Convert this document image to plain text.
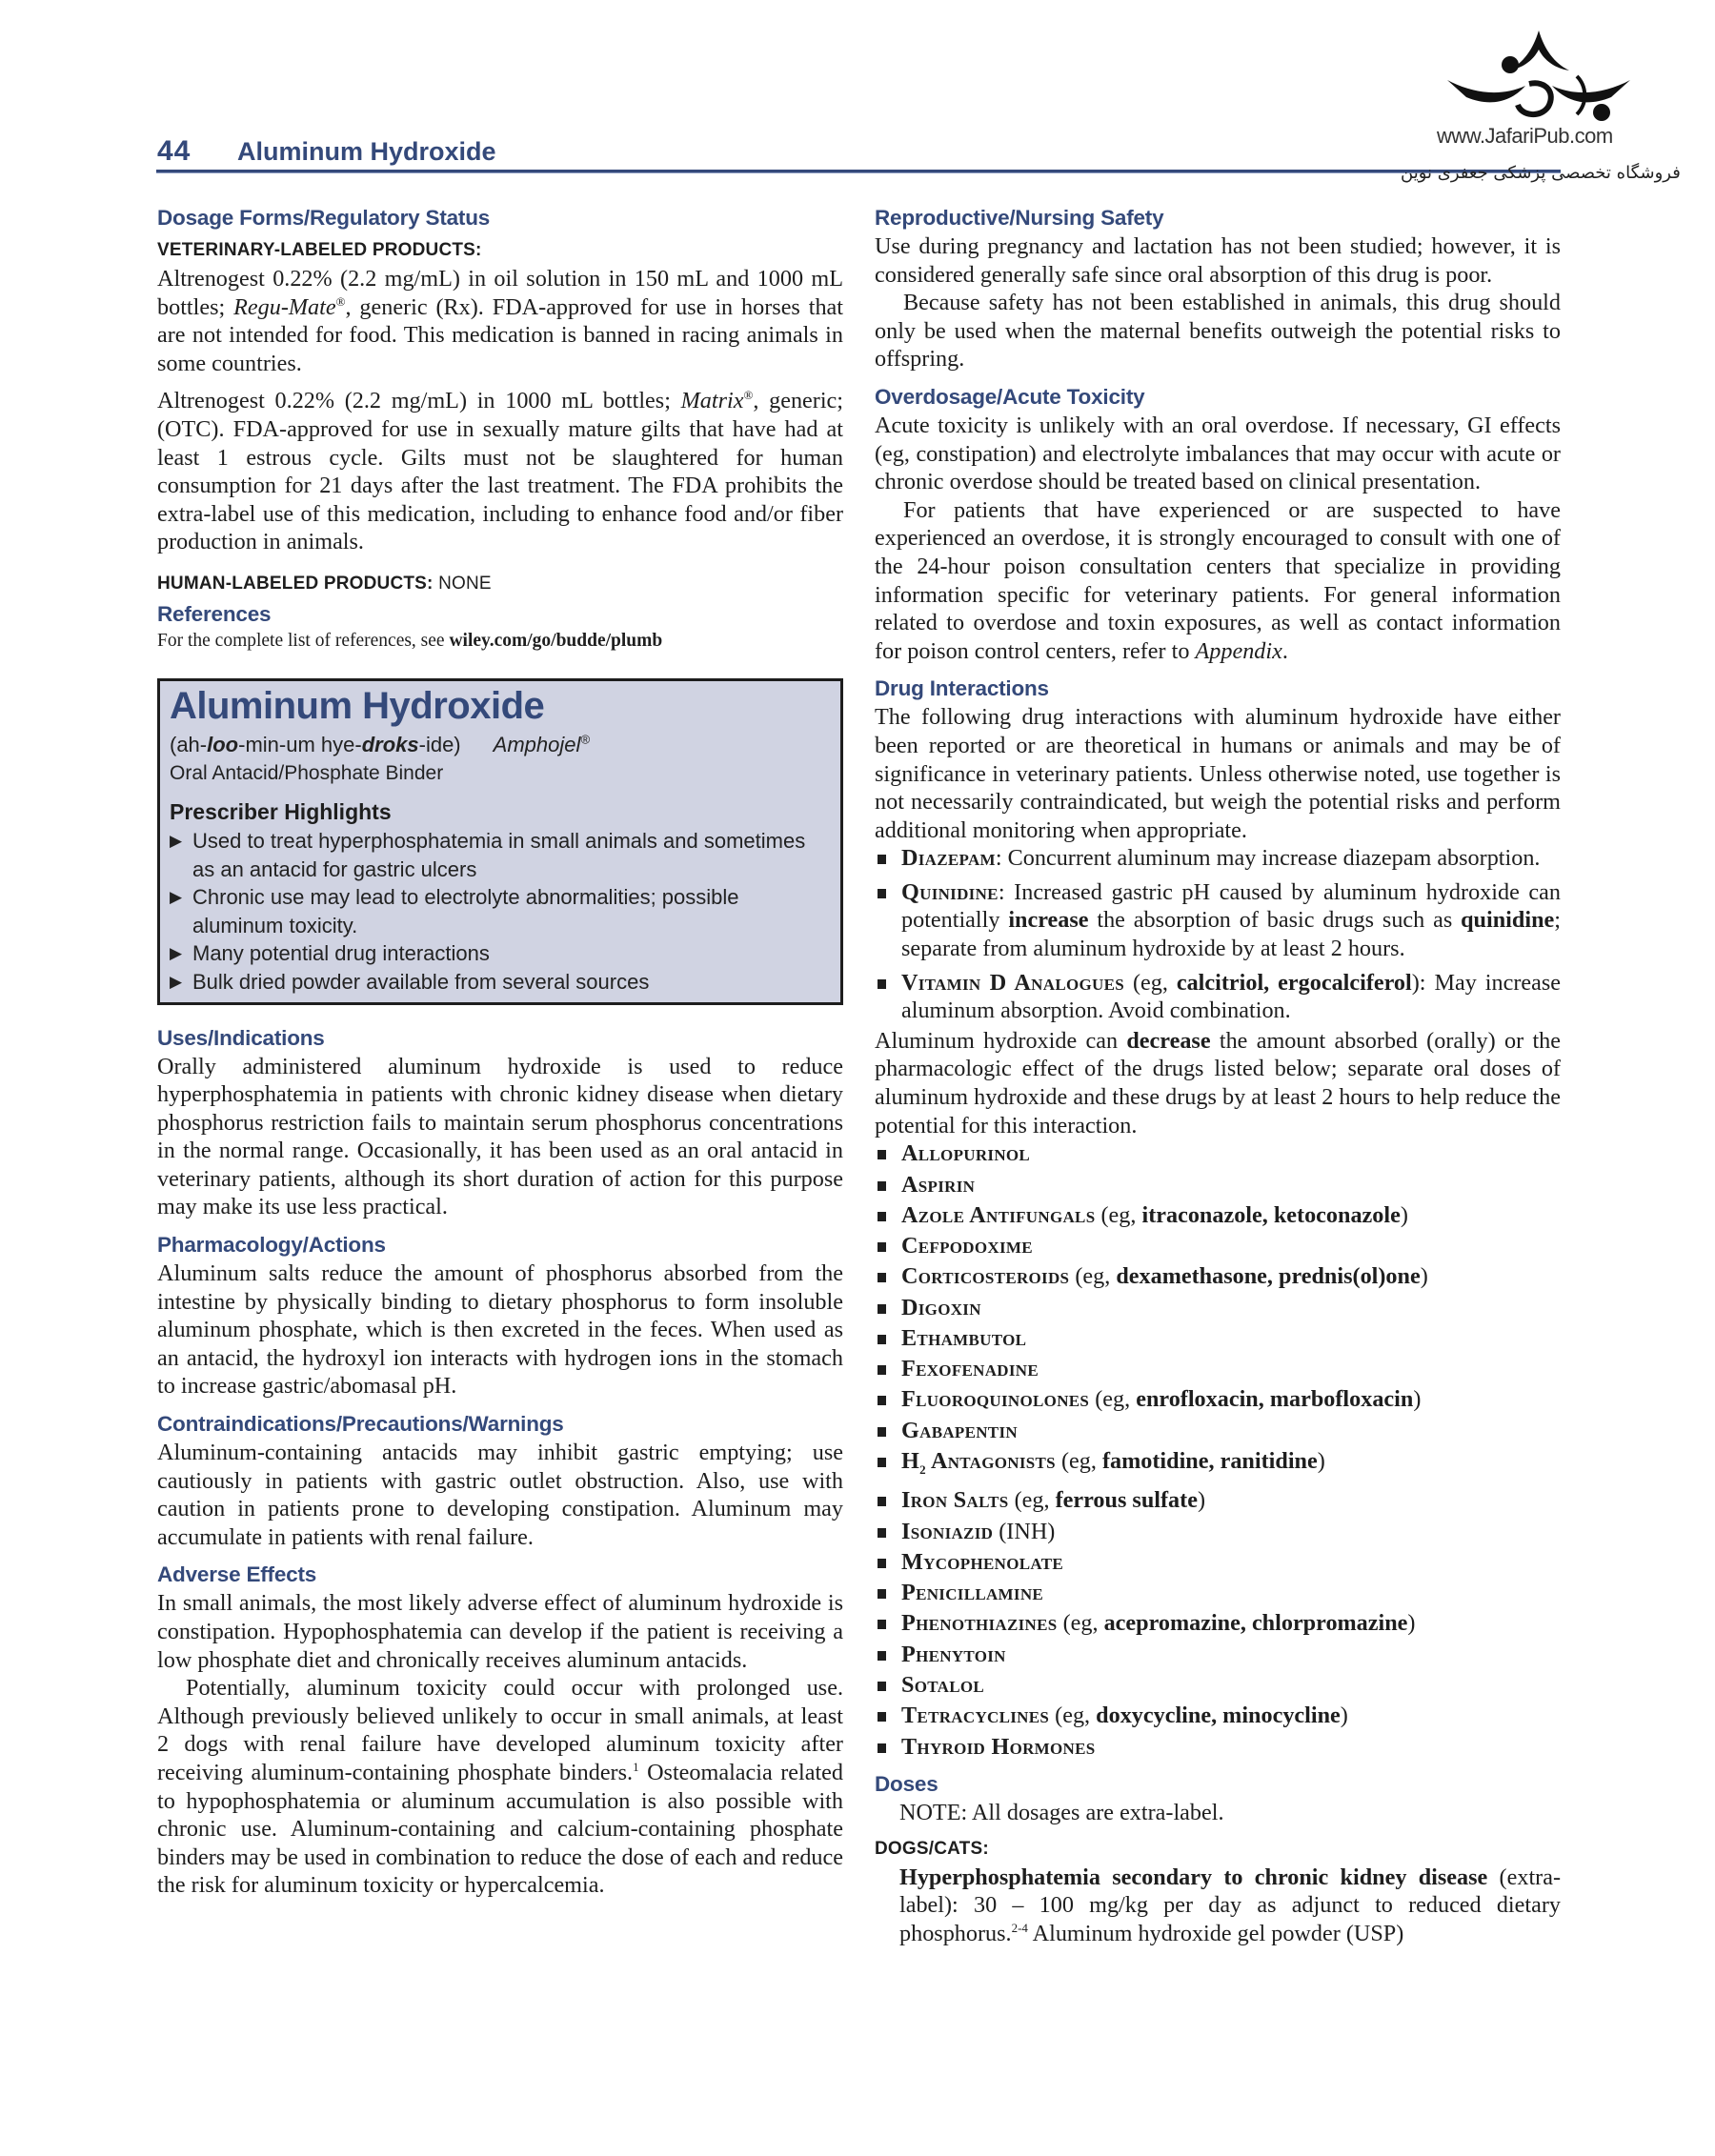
44 Aluminum Hydroxide
www.JafariPub.com
فروشگاه تخصصی پزشکی جعفری نوین
Dosage Forms/Regulatory Status
VETERINARY-LABELED PRODUCTS:

Altrenogest 0.22% (2.2 mg/mL) in oil solution in 150 mL and 1000 mL bottles; Regu-Mate®, generic (Rx). FDA-approved for use in horses that are not intended for food. This medication is banned in racing animals in some countries.

Altrenogest 0.22% (2.2 mg/mL) in 1000 mL bottles; Matrix®, generic; (OTC). FDA-approved for use in sexually mature gilts that have had at least 1 estrous cycle. Gilts must not be slaughtered for human consumption for 21 days after the last treatment. The FDA prohibits the extra-label use of this medication, including to enhance food and/or fiber production in animals.

HUMAN-LABELED PRODUCTS: NONE
References

For the complete list of references, see wiley.com/go/budde/plumb

Aluminum Hydroxide
(ah-loo-min-um hye-droks-ide) Amphojel®
Oral Antacid/Phosphate Binder
Prescriber Highlights
▶ Used to treat hyperphosphatemia in small animals and sometimes as an antacid for gastric ulcers
▶ Chronic use may lead to electrolyte abnormalities; possible aluminum toxicity.
▶ Many potential drug interactions
▶ Bulk dried powder available from several sources
Uses/Indications

Orally administered aluminum hydroxide is used to reduce hyperphosphatemia in patients with chronic kidney disease when dietary phosphorus restriction fails to maintain serum phosphorus concentrations in the normal range. Occasionally, it has been used as an oral antacid in veterinary patients, although its short duration of action for this purpose may make its use less practical.

Pharmacology/Actions

Aluminum salts reduce the amount of phosphorus absorbed from the intestine by physically binding to dietary phosphorus to form insoluble aluminum phosphate, which is then excreted in the feces. When used as an antacid, the hydroxyl ion interacts with hydrogen ions in the stomach to increase gastric/abomasal pH.

Contraindications/Precautions/Warnings

Aluminum-containing antacids may inhibit gastric emptying; use cautiously in patients with gastric outlet obstruction. Also, use with caution in patients prone to developing constipation. Aluminum may accumulate in patients with renal failure.

Adverse Effects

In small animals, the most likely adverse effect of aluminum hydroxide is constipation. Hypophosphatemia can develop if the patient is receiving a low phosphate diet and chronically receives aluminum antacids.

Potentially, aluminum toxicity could occur with prolonged use. Although previously believed unlikely to occur in small animals, at least 2 dogs with renal failure have developed aluminum toxicity after receiving aluminum-containing phosphate binders.$^1$ Osteomalacia related to hypophosphatemia or aluminum accumulation is also possible with chronic use. Aluminum-containing and calcium-containing phosphate binders may be used in combination to reduce the dose of each and reduce the risk for aluminum toxicity or hypercalcemia.

Reproductive/Nursing Safety

Use during pregnancy and lactation has not been studied; however, it is considered generally safe since oral absorption of this drug is poor.

Because safety has not been established in animals, this drug should only be used when the maternal benefits outweigh the potential risks to offspring.

Overdosage/Acute Toxicity

Acute toxicity is unlikely with an oral overdose. If necessary, GI effects (eg, constipation) and electrolyte imbalances that may occur with acute or chronic overdose should be treated based on clinical presentation.

For patients that have experienced or are suspected to have experienced an overdose, it is strongly encouraged to consult with one of the 24-hour poison consultation centers that specialize in providing information specific for veterinary patients. For general information related to overdose and toxin exposures, as well as contact information for poison control centers, refer to Appendix.

Drug Interactions

The following drug interactions with aluminum hydroxide have either been reported or are theoretical in humans or animals and may be of significance in veterinary patients. Unless otherwise noted, use together is not necessarily contraindicated, but weigh the potential risks and perform additional monitoring when appropriate.

Diazepam: Concurrent aluminum may increase diazepam absorption.
Quinidine: Increased gastric pH caused by aluminum hydroxide can potentially increase the absorption of basic drugs such as quinidine; separate from aluminum hydroxide by at least 2 hours.
Vitamin D Analogues (eg, calcitriol, ergocalciferol): May increase aluminum absorption. Avoid combination.

Aluminum hydroxide can decrease the amount absorbed (orally) or the pharmacologic effect of the drugs listed below; separate oral doses of aluminum hydroxide and these drugs by at least 2 hours to help reduce the potential for this interaction.

Allopurinol
Aspirin
Azole Antifungals (eg, itraconazole, ketoconazole)
Cefpodoxime
Corticosteroids (eg, dexamethasone, prednis(ol)one)
Digoxin
Ethambutol
Fexofenadine
Fluoroquinolones (eg, enrofloxacin, marbofloxacin)
Gabapentin
$H_2$ Antagonists (eg, famotidine, ranitidine)
Iron Salts (eg, ferrous sulfate)
Isoniazid (INH)
Mycophenolate
Penicillamine
Phenothiazines (eg, acepromazine, chlorpromazine)
Phenytoin
Sotalol
Tetracyclines (eg, doxycycline, minocycline)
Thyroid Hormones
Doses

NOTE: All dosages are extra-label.

DOGS/CATS:

Hyperphosphatemia secondary to chronic kidney disease (extra-label): 30 – 100 mg/kg per day as adjunct to reduced dietary phosphorus.$^{2-4}$ Aluminum hydroxide gel powder (USP)
